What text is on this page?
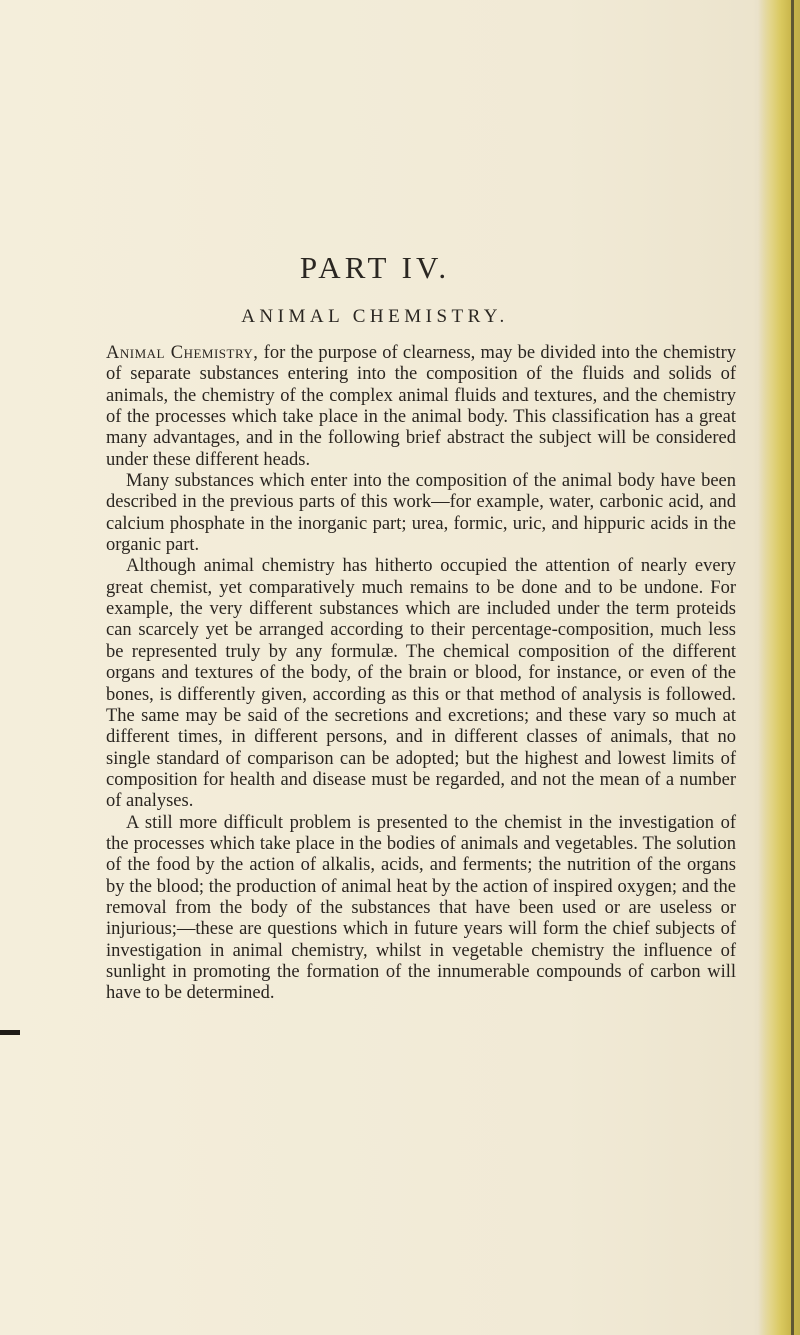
PART IV.
ANIMAL CHEMISTRY.

Animal Chemistry, for the purpose of clearness, may be divided into the chemistry of separate substances entering into the composition of the fluids and solids of animals, the chemistry of the complex animal fluids and textures, and the chemistry of the processes which take place in the animal body. This classification has a great many advantages, and in the following brief abstract the subject will be considered under these different heads.

Many substances which enter into the composition of the animal body have been described in the previous parts of this work—for example, water, carbonic acid, and calcium phosphate in the inorganic part; urea, formic, uric, and hippuric acids in the organic part.

Although animal chemistry has hitherto occupied the attention of nearly every great chemist, yet comparatively much remains to be done and to be undone. For example, the very different substances which are included under the term proteids can scarcely yet be arranged according to their percentage-composition, much less be represented truly by any formulæ. The chemical composition of the different organs and textures of the body, of the brain or blood, for instance, or even of the bones, is differently given, according as this or that method of analysis is followed. The same may be said of the secretions and excretions; and these vary so much at different times, in different persons, and in different classes of animals, that no single standard of comparison can be adopted; but the highest and lowest limits of composition for health and disease must be regarded, and not the mean of a number of analyses.

A still more difficult problem is presented to the chemist in the investigation of the processes which take place in the bodies of animals and vegetables. The solution of the food by the action of alkalis, acids, and ferments; the nutrition of the organs by the blood; the production of animal heat by the action of inspired oxygen; and the removal from the body of the substances that have been used or are useless or injurious;—these are questions which in future years will form the chief subjects of investigation in animal chemistry, whilst in vegetable chemistry the influence of sunlight in promoting the formation of the innumerable compounds of carbon will have to be determined.
